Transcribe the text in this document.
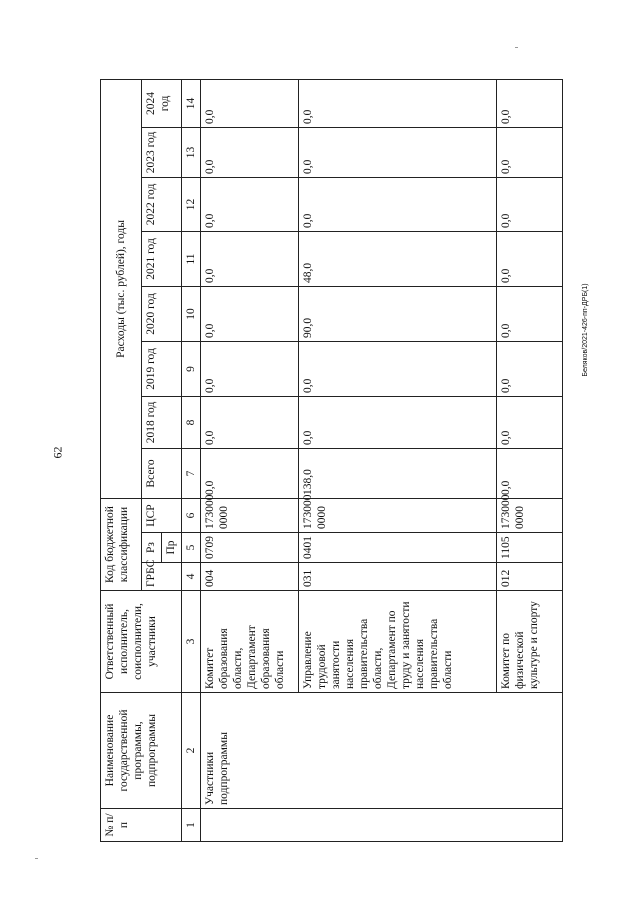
62
Беляков/2021-426-пп-ДРБ(1)
№ п/п	Наименование государственной программы, подпрограммы	Ответственный исполнитель, соисполнители, участники	Код бюджетной классификации			Расходы (тыс. рублей), годы							
			ГРБС	Рз	ЦСР	Всего	2018 год	2019 год	2020 год	2021 год	2022 год	2023 год	2024 год
				Пр									
1	2	3	4	5	6	7	8	9	10	11	12	13	14
	Участники подпрограммы	Комитет образования области, Департамент образования области	004	0709	173000 0000	0,0	0,0	0,0	0,0	0,0	0,0	0,0	0,0
		Управление трудовой занятости населения правительства области, Департамент по труду и занятости населения правительства области	031	0401	173000 0000	138,0	0,0	0,0	90,0	48,0	0,0	0,0	0,0
		Комитет по физической культуре и спорту	012	1105	173000 0000	0,0	0,0	0,0	0,0	0,0	0,0	0,0	0,0
